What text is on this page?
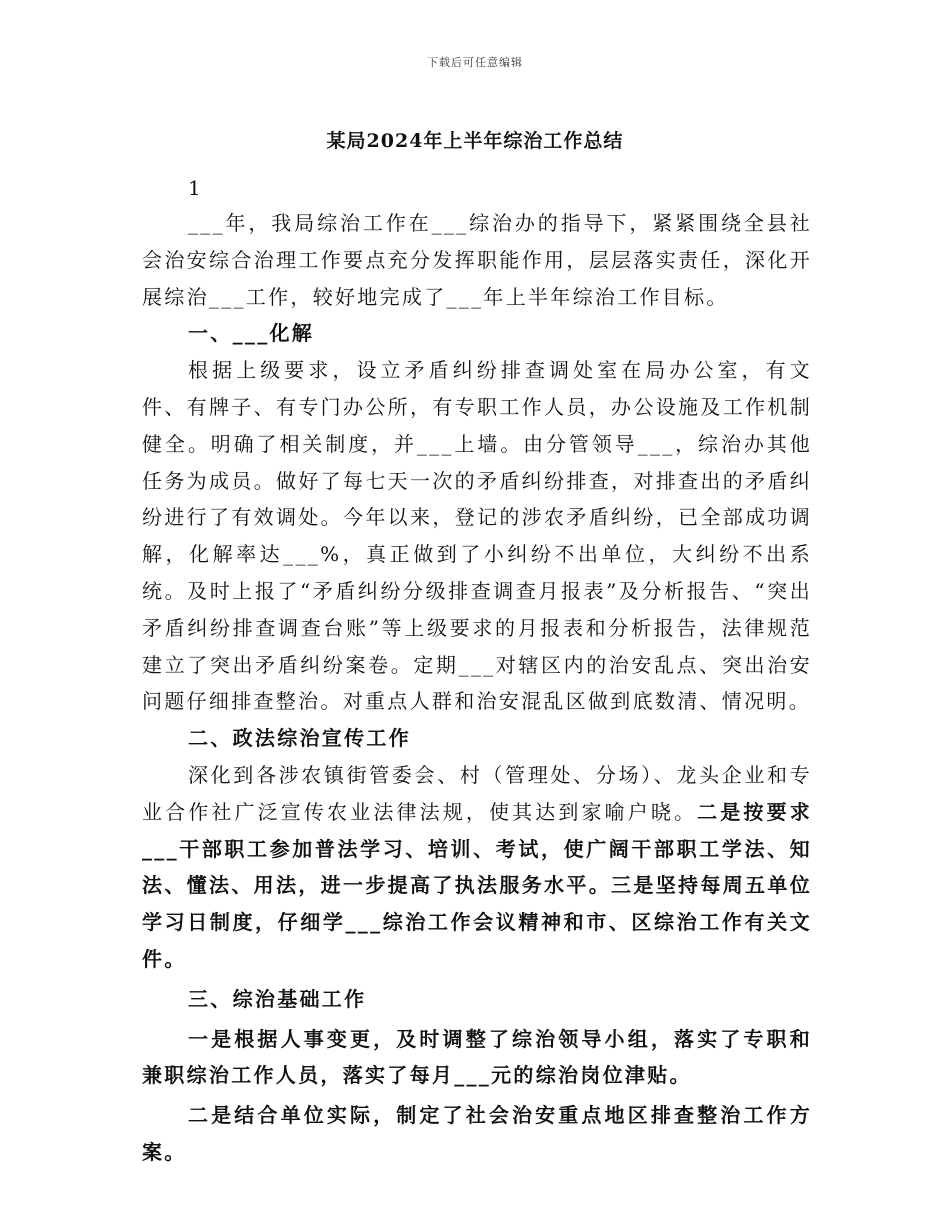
下载后可任意编辑
某局2024年上半年综治工作总结
1

___年，我局综治工作在___综治办的指导下，紧紧围绕全县社会治安综合治理工作要点充分发挥职能作用，层层落实责任，深化开展综治___工作，较好地完成了___年上半年综治工作目标。

一、___化解

根据上级要求，设立矛盾纠纷排查调处室在局办公室，有文件、有牌子、有专门办公所，有专职工作人员，办公设施及工作机制健全。明确了相关制度，并___上墙。由分管领导___，综治办其他任务为成员。做好了每七天一次的矛盾纠纷排查，对排查出的矛盾纠纷进行了有效调处。今年以来，登记的涉农矛盾纠纷，已全部成功调解，化解率达___%，真正做到了小纠纷不出单位，大纠纷不出系统。及时上报了“矛盾纠纷分级排查调查月报表”及分析报告、“突出矛盾纠纷排查调查台账”等上级要求的月报表和分析报告，法律规范建立了突出矛盾纠纷案卷。定期___对辖区内的治安乱点、突出治安问题仔细排查整治。对重点人群和治安混乱区做到底数清、情况明。

二、政法综治宣传工作

深化到各涉农镇街管委会、村（管理处、分场）、龙头企业和专业合作社广泛宣传农业法律法规，使其达到家喻户晓。二是按要求___干部职工参加普法学习、培训、考试，使广阔干部职工学法、知法、懂法、用法，进一步提高了执法服务水平。三是坚持每周五单位学习日制度，仔细学___综治工作会议精神和市、区综治工作有关文件。

三、综治基础工作

一是根据人事变更，及时调整了综治领导小组，落实了专职和兼职综治工作人员，落实了每月___元的综治岗位津贴。

二是结合单位实际，制定了社会治安重点地区排查整治工作方案。
